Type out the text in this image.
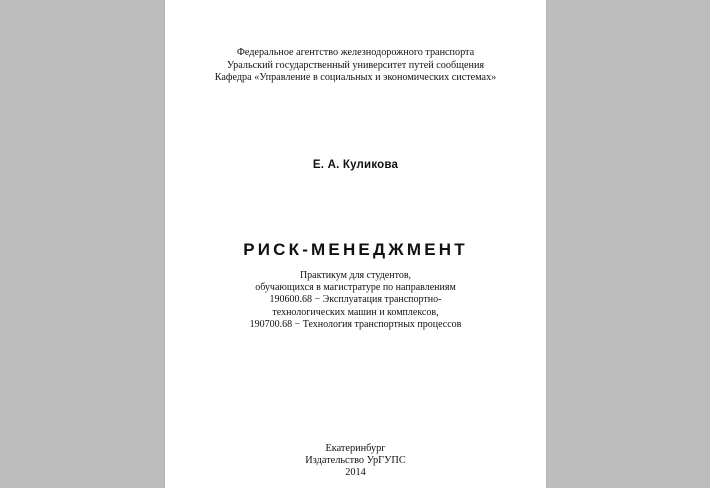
Федеральное агентство железнодорожного транспорта
Уральский государственный университет путей сообщения
Кафедра «Управление в социальных и экономических системах»
Е. А. Куликова
РИСК-МЕНЕДЖМЕНТ
Практикум для студентов,
обучающихся в магистратуре по направлениям
190600.68 − Эксплуатация транспортно-
технологических машин и комплексов,
190700.68 − Технология транспортных процессов
Екатеринбург
Издательство УрГУПС
2014
